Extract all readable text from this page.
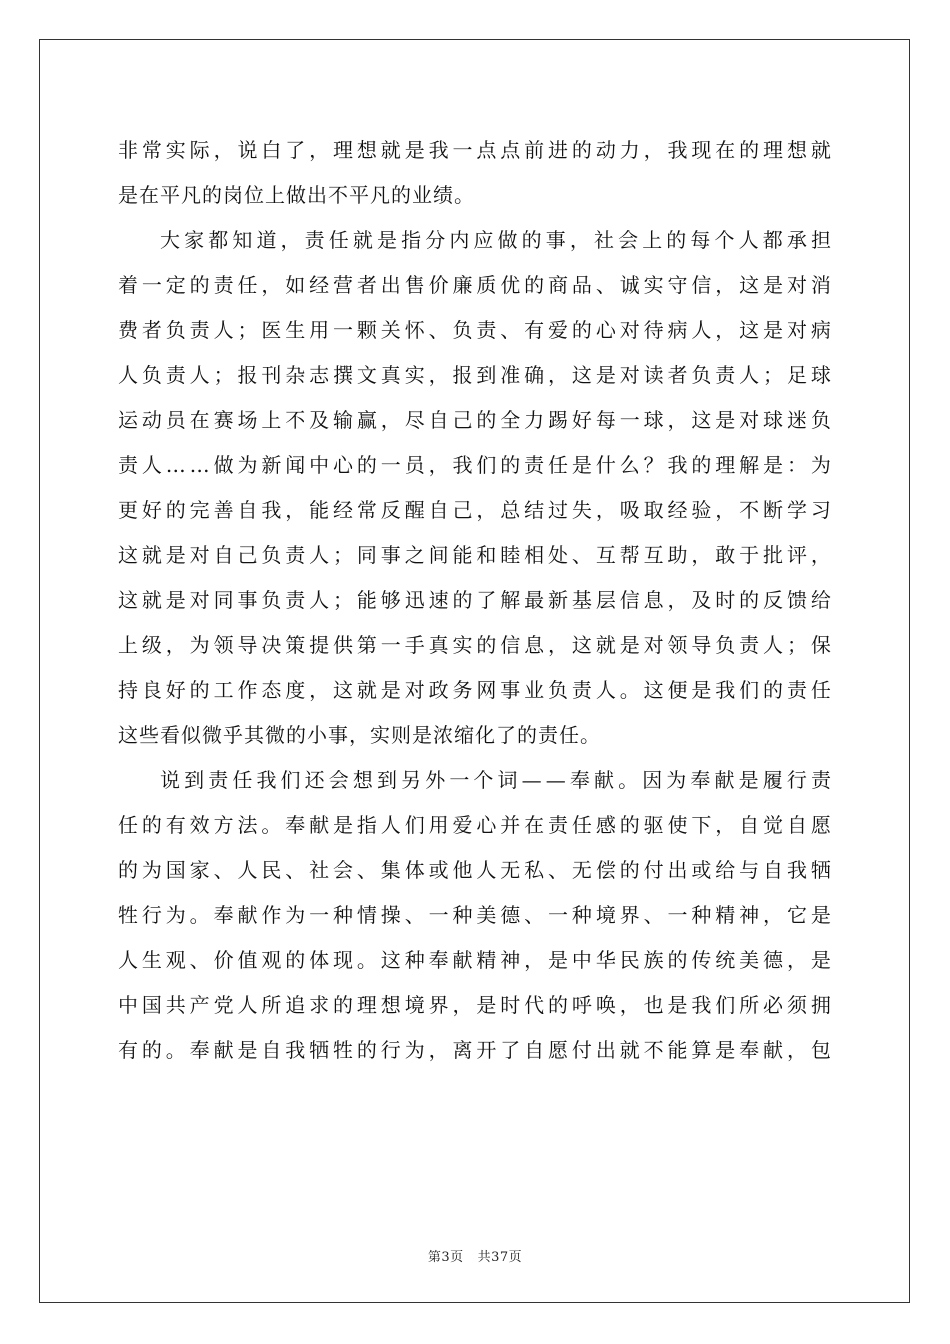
非 常 实 际 ， 说 白 了 ， 理 想 就 是 我 一 点 点 前 进 的 动 力 ， 我 现 在 的 理 想 就
是在平凡的岗位上做出不平凡的业绩。
大 家 都 知 道 ， 责 任 就 是 指 分 内 应 做 的 事 ， 社 会 上 的 每 个 人 都 承 担
着 一 定 的 责 任 ， 如 经 营 者 出 售 价 廉 质 优 的 商 品 、 诚 实 守 信 ， 这 是 对 消
费 者 负 责 人 ； 医 生 用 一 颗 关 怀 、 负 责 、 有 爱 的 心 对 待 病 人 ， 这 是 对 病
人 负 责 人 ； 报 刊 杂 志 撰 文 真 实 ， 报 到 准 确 ， 这 是 对 读 者 负 责 人 ； 足 球
运 动 员 在 赛 场 上 不 及 输 赢 ， 尽 自 己 的 全 力 踢 好 每 一 球 ， 这 是 对 球 迷 负
责 人 … … 做 为 新 闻 中 心 的 一 员 ， 我 们 的 责 任 是 什 么 ？ 我 的 理 解 是 ： 为
更 好 的 完 善 自 我 ， 能 经 常 反 醒 自 己 ， 总 结 过 失 ， 吸 取 经 验 ， 不 断 学 习
这 就 是 对 自 己 负 责 人 ； 同 事 之 间 能 和 睦 相 处 、 互 帮 互 助 ， 敢 于 批 评 ，
这 就 是 对 同 事 负 责 人 ； 能 够 迅 速 的 了 解 最 新 基 层 信 息 ， 及 时 的 反 馈 给
上 级 ， 为 领 导 决 策 提 供 第 一 手 真 实 的 信 息 ， 这 就 是 对 领 导 负 责 人 ； 保
持 良 好 的 工 作 态 度 ， 这 就 是 对 政 务 网 事 业 负 责 人 。 这 便 是 我 们 的 责 任
这些看似微乎其微的小事，实则是浓缩化了的责任。
说 到 责 任 我 们 还 会 想 到 另 外 一 个 词 — — 奉 献 。 因 为 奉 献 是 履 行 责
任 的 有 效 方 法 。 奉 献 是 指 人 们 用 爱 心 并 在 责 任 感 的 驱 使 下 ， 自 觉 自 愿
的 为 国 家 、 人 民 、 社 会 、 集 体 或 他 人 无 私 、 无 偿 的 付 出 或 给 与 自 我 牺
牲 行 为 。 奉 献 作 为 一 种 情 操 、 一 种 美 德 、 一 种 境 界 、 一 种 精 神 ， 它 是
人 生 观 、 价 值 观 的 体 现 。 这 种 奉 献 精 神 ， 是 中 华 民 族 的 传 统 美 德 ， 是
中 国 共 产 党 人 所 追 求 的 理 想 境 界 ， 是 时 代 的 呼 唤 ， 也 是 我 们 所 必 须 拥
有 的 。 奉 献 是 自 我 牺 牲 的 行 为 ， 离 开 了 自 愿 付 出 就 不 能 算 是 奉 献 ， 包
第3页 共37页
